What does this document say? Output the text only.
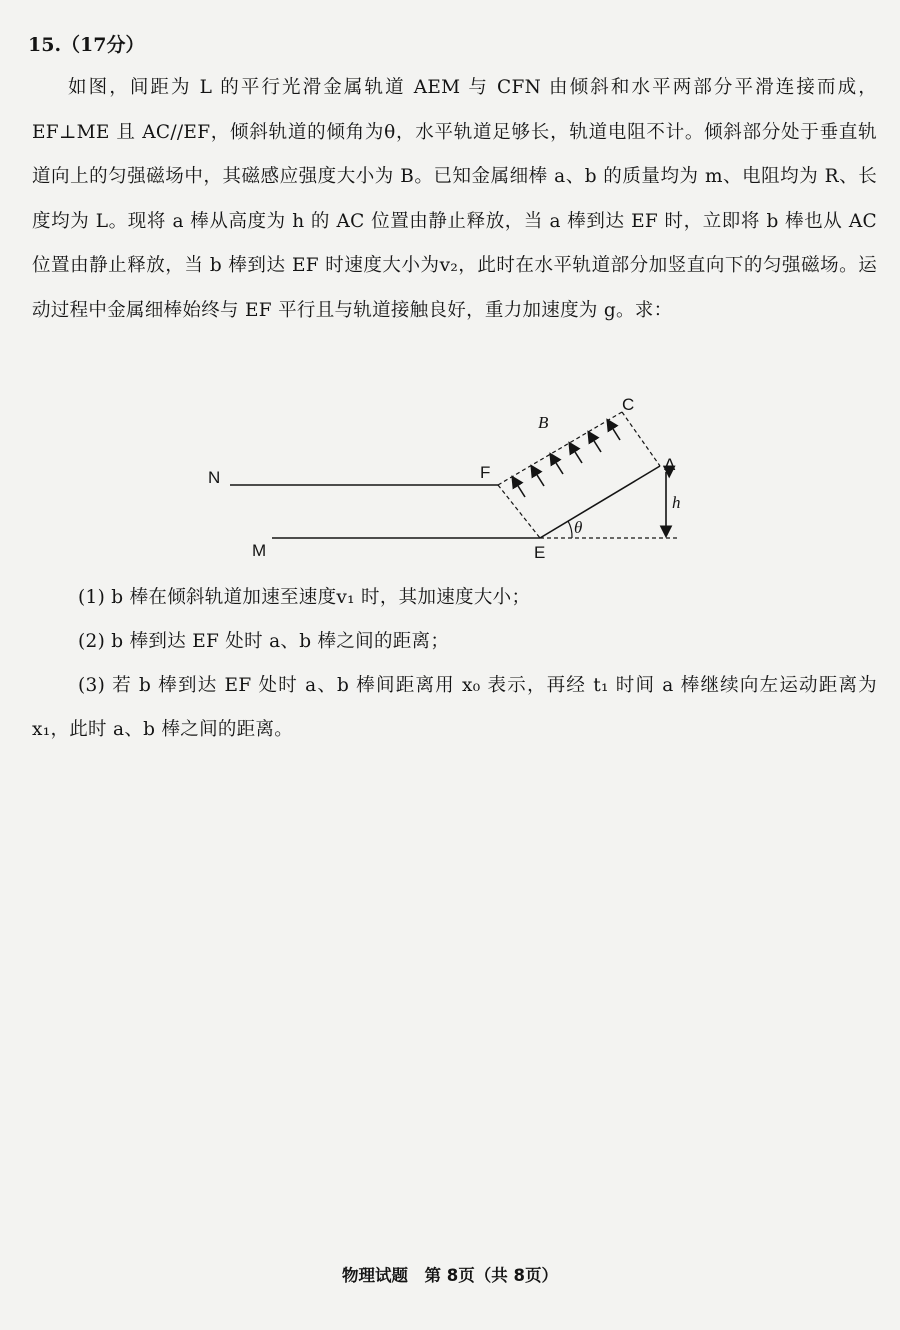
15.（17分）
如图，间距为 L 的平行光滑金属轨道 AEM 与 CFN 由倾斜和水平两部分平滑连接而成，EF⊥ME 且 AC//EF，倾斜轨道的倾角为θ，水平轨道足够长，轨道电阻不计。倾斜部分处于垂直轨道向上的匀强磁场中，其磁感应强度大小为 B。已知金属细棒 a、b 的质量均为 m、电阻均为 R、长度均为 L。现将 a 棒从高度为 h 的 AC 位置由静止释放，当 a 棒到达 EF 时，立即将 b 棒也从 AC 位置由静止释放，当 b 棒到达 EF 时速度大小为v₂，此时在水平轨道部分加竖直向下的匀强磁场。运动过程中金属细棒始终与 EF 平行且与轨道接触良好，重力加速度为 g。求：
N
M
F
E
A
C
B
h
θ
(1) b 棒在倾斜轨道加速至速度v₁ 时，其加速度大小；
(2) b 棒到达 EF 处时 a、b 棒之间的距离；
(3) 若 b 棒到达 EF 处时 a、b 棒间距离用 x₀ 表示，再经 t₁ 时间 a 棒继续向左运动距离为 x₁，此时 a、b 棒之间的距离。
物理试题　第 8页（共 8页）
